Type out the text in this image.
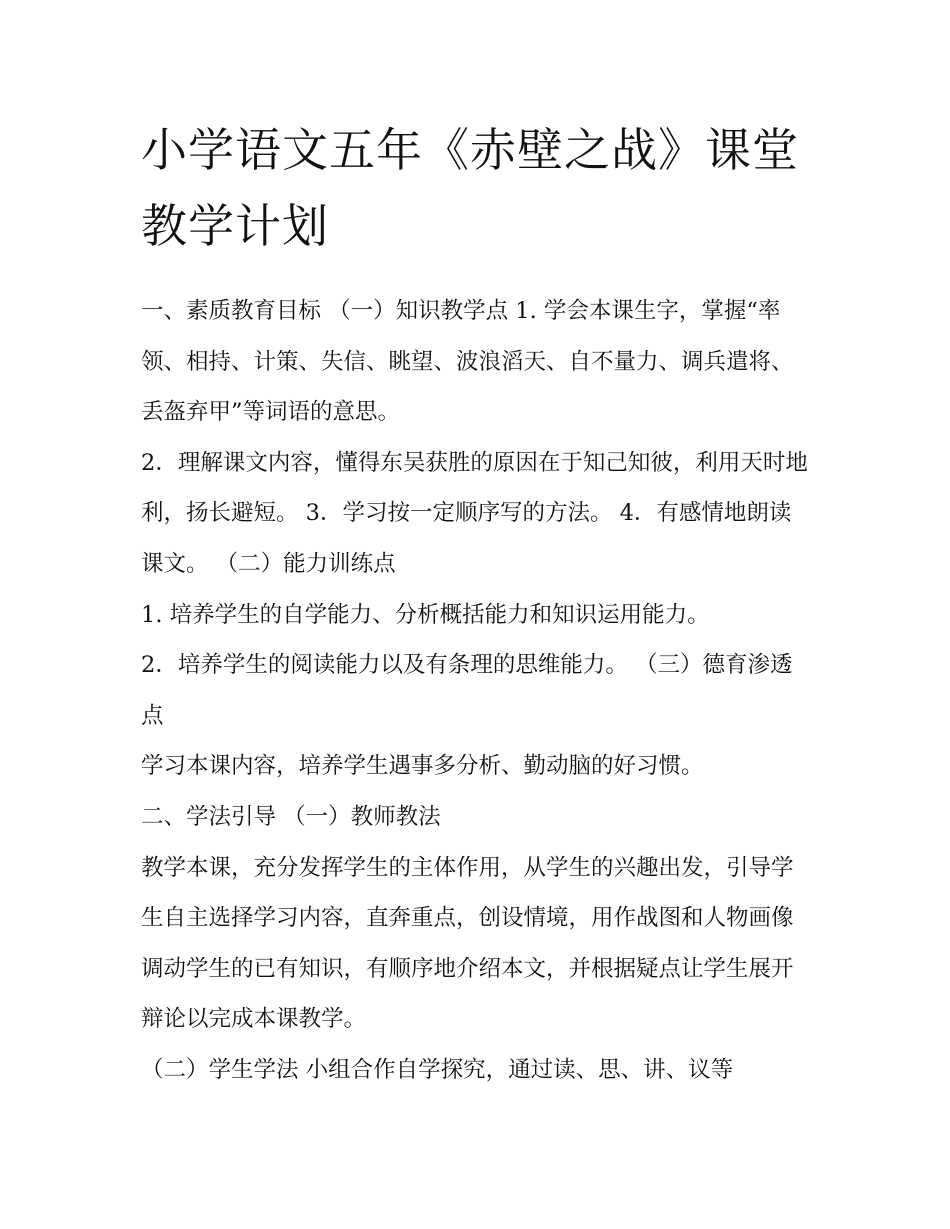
小学语文五年《赤壁之战》课堂教学计划

一、素质教育目标 （一）知识教学点 1. 学会本课生字，掌握“率领、相持、计策、失信、眺望、波浪滔天、自不量力、调兵遣将、丢盔弃甲”等词语的意思。

2．理解课文内容，懂得东吴获胜的原因在于知己知彼，利用天时地利，扬长避短。 3．学习按一定顺序写的方法。 4．有感情地朗读课文。 （二）能力训练点

1. 培养学生的自学能力、分析概括能力和知识运用能力。

2．培养学生的阅读能力以及有条理的思维能力。 （三）德育渗透点

学习本课内容，培养学生遇事多分析、勤动脑的好习惯。

二、学法引导 （一）教师教法

教学本课，充分发挥学生的主体作用，从学生的兴趣出发，引导学生自主选择学习内容，直奔重点，创设情境，用作战图和人物画像调动学生的已有知识，有顺序地介绍本文，并根据疑点让学生展开辩论以完成本课教学。

（二）学生学法 小组合作自学探究，通过读、思、讲、议等
